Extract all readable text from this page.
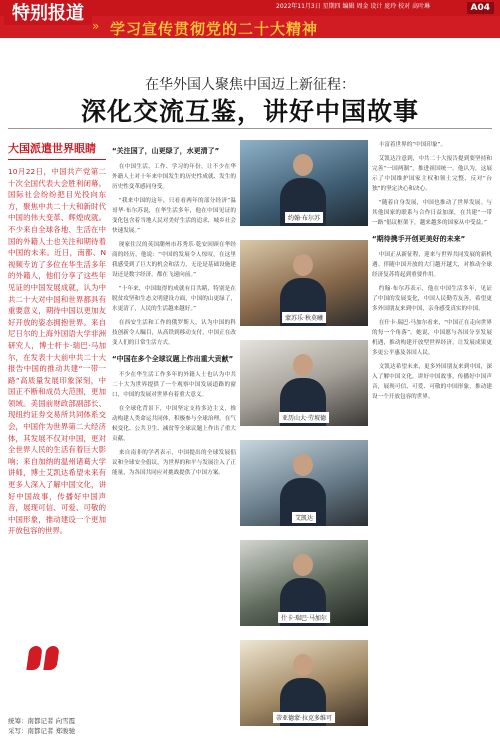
» 学习宣传贯彻党的二十大精神
特别报道	2022年11月3日 星期四 编辑 周金 设计 庞玲 校对 高叶琳	A04
在华外国人聚焦中国迈上新征程：
深化交流互鉴，讲好中国故事
大国派遣世界眼睛
10月22日，中国共产党第二十次全国代表大会胜利闭幕。国际社会纷纷把目光投向东方，聚焦中共二十大和新时代中国的伟大变革、辉煌成就。不少来自全球各地、生活在中国的外籍人士也关注和期待着中国的未来。近日，南都、N视频专访了多位在华生活多年的外籍人，他们分享了这些年见证的中国发展成就，认为中共二十大对中国和世界都具有重要意义，期待中国以更加友好开放的姿态拥抱世界。来自尼日尔的上海外国语大学非洲研究人，博士杆卡·瑞巴·马加尔，在发表十大前中共二十大报告中国的推动共建“一带一路”高质量发展印象深刻，中国正不断和成员大范围，更加领域。美国前财政部副部长、现纽约证券交易所共同体系交会，中国作为世界第二大经济体，其发展不仅对中国，更对全世界人民的生活有着巨大影响；来自加纳的温州诸葛大学讲师，博士艾凯达希望未来有更多人深入了解中国文化，讲好中国故事，传播好中国声音，展现可信、可爱、可敬的中国形象，推动建设一个更加开放包容的世界。
统筹：南都记者 向雪霞
采写：南都记者 郑骏驰
“关注国了，山更绿了，水更清了”

在中国生活、工作、学习的年份，让不少在华外籍人士对十年来中国发生的历史性成就、发生的历史性变革感同身受。

“我来中国的这年，只看看两年的部分经济”温哥华·布尔苏说，在华生活多年，他在中国见证的变化包含着当地人民对美好生活的追求，城乡社会快速发展。”

现家住汉的英国潮州市苏秀乐·乾安回顾在华经商的经历，他说：“中国的发展令人惊叹，在这里我感受到了巨大的机会和活力，无论是基础设施建设还是数字经济，都在飞速向前。”

“十年来，中国取得的成就有目共睹，特别是在脱贫攻坚和生态文明建设方面，中国的山更绿了，水更清了，人民的生活越来越好。”

在西安生活和工作的俄罗斯人，认为中国的科技创新令人瞩目，从高铁到移动支付，中国正在改变人们的日常生活方式。

“中国在多个全球议题上作出重大贡献”

不少在华生活工作多年的外籍人士也认为中共二十大为世界提供了一个观察中国发展道路的窗口，中国的发展对世界有着重大意义。

在全球化背景下，中国坚定支持多边主义，推动构建人类命运共同体，积极参与全球治理，在气候变化、公共卫生、减贫等全球议题上作出了重大贡献。

来自南非的学者表示，中国提出的全球发展倡议和全球安全倡议，为世界的和平与发展注入了正能量，为各国共同应对挑战提供了中国方案。

约翰·布尔苏
蒙苏乐·秋莫曦
亚历山大·劳坡德
艾凯达
什卡·瑞巴·马加尔
蒂亚德蒙·拉克多维可

丰富着世界的“中国印象”。

艾凯达注意到，中共二十大报告提到要坚持和完善“一国两制”，推进祖国统一。他认为，这展示了中国维护国家主权和领土完整、反对“台独”的坚定决心和决心。

“随着自身发展，中国也推动了世界发展。与其他国家的联系与合作日益加深，在共建“一带一路”倡议框架下，越来越多的国家从中受益。”

“期待携手开创更美好的未来”

中国正从新征程，迎来与世界共同发展的新机遇。伴随中国开放的大门越开越大，对推动全球经济复苏将起到重要作用。

约翰·布尔苏表示，他在中国生活多年，见证了中国的发展变化，中国人民勤劳友善，希望更多外国朋友来到中国，亲身感受真实的中国。

在什卡·瑞巴·马加尔看来，“中国正在走向世界的每一个角落”。她说，中国愿与各国分享发展机遇，推动构建开放型世界经济，让发展成果更多更公平惠及各国人民。

文凯达希望未来，更多外国朋友来到中国，深入了解中国文化，讲好中国故事，传播好中国声音，展现可信、可爱、可敬的中国形象，推动建设一个开放包容的世界。
